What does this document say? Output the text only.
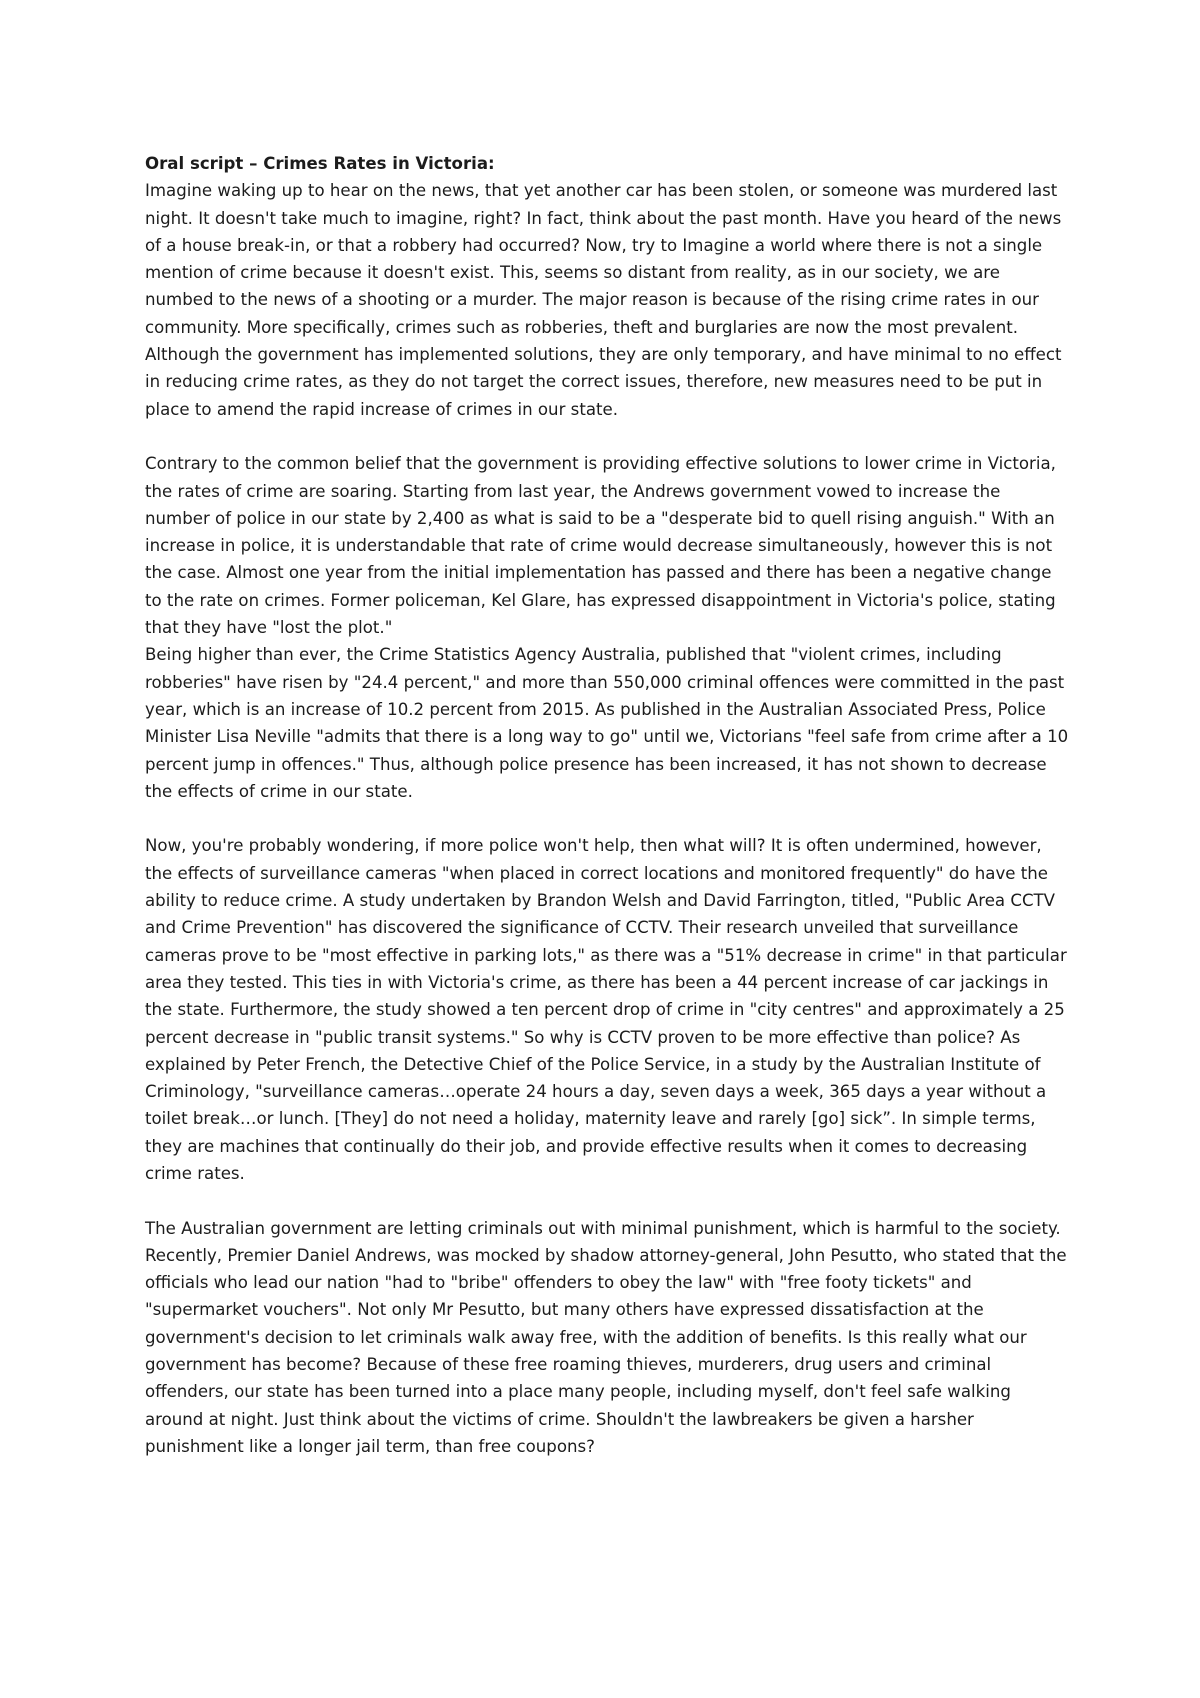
Oral script – Crimes Rates in Victoria:

Imagine waking up to hear on the news, that yet another car has been stolen, or someone was murdered last night. It doesn't take much to imagine, right? In fact, think about the past month. Have you heard of the news of a house break-in, or that a robbery had occurred? Now, try to Imagine a world where there is not a single mention of crime because it doesn't exist. This, seems so distant from reality, as in our society, we are numbed to the news of a shooting or a murder. The major reason is because of the rising crime rates in our community. More specifically, crimes such as robberies, theft and burglaries are now the most prevalent. Although the government has implemented solutions, they are only temporary, and have minimal to no effect in reducing crime rates, as they do not target the correct issues, therefore, new measures need to be put in place to amend the rapid increase of crimes in our state.

Contrary to the common belief that the government is providing effective solutions to lower crime in Victoria, the rates of crime are soaring. Starting from last year, the Andrews government vowed to increase the number of police in our state by 2,400 as what is said to be a "desperate bid to quell rising anguish." With an increase in police, it is understandable that rate of crime would decrease simultaneously, however this is not the case. Almost one year from the initial implementation has passed and there has been a negative change to the rate on crimes. Former policeman, Kel Glare, has expressed disappointment in Victoria's police, stating that they have "lost the plot."

Being higher than ever, the Crime Statistics Agency Australia, published that "violent crimes, including robberies" have risen by "24.4 percent," and more than 550,000 criminal offences were committed in the past year, which is an increase of 10.2 percent from 2015. As published in the Australian Associated Press, Police Minister Lisa Neville "admits that there is a long way to go" until we, Victorians "feel safe from crime after a 10 percent jump in offences." Thus, although police presence has been increased, it has not shown to decrease the effects of crime in our state.

Now, you're probably wondering, if more police won't help, then what will? It is often undermined, however, the effects of surveillance cameras "when placed in correct locations and monitored frequently" do have the ability to reduce crime. A study undertaken by Brandon Welsh and David Farrington, titled, "Public Area CCTV and Crime Prevention" has discovered the significance of CCTV. Their research unveiled that surveillance cameras prove to be "most effective in parking lots," as there was a "51% decrease in crime" in that particular area they tested. This ties in with Victoria's crime, as there has been a 44 percent increase of car jackings in the state. Furthermore, the study showed a ten percent drop of crime in "city centres" and approximately a 25 percent decrease in "public transit systems." So why is CCTV proven to be more effective than police? As explained by Peter French, the Detective Chief of the Police Service, in a study by the Australian Institute of Criminology, "surveillance cameras…operate 24 hours a day, seven days a week, 365 days a year without a toilet break…or lunch. [They] do not need a holiday, maternity leave and rarely [go] sick”. In simple terms, they are machines that continually do their job, and provide effective results when it comes to decreasing crime rates.

The Australian government are letting criminals out with minimal punishment, which is harmful to the society. Recently, Premier Daniel Andrews, was mocked by shadow attorney-general, John Pesutto, who stated that the officials who lead our nation "had to "bribe" offenders to obey the law" with "free footy tickets" and "supermarket vouchers". Not only Mr Pesutto, but many others have expressed dissatisfaction at the government's decision to let criminals walk away free, with the addition of benefits. Is this really what our government has become? Because of these free roaming thieves, murderers, drug users and criminal offenders, our state has been turned into a place many people, including myself, don't feel safe walking around at night. Just think about the victims of crime. Shouldn't the lawbreakers be given a harsher punishment like a longer jail term, than free coupons?
